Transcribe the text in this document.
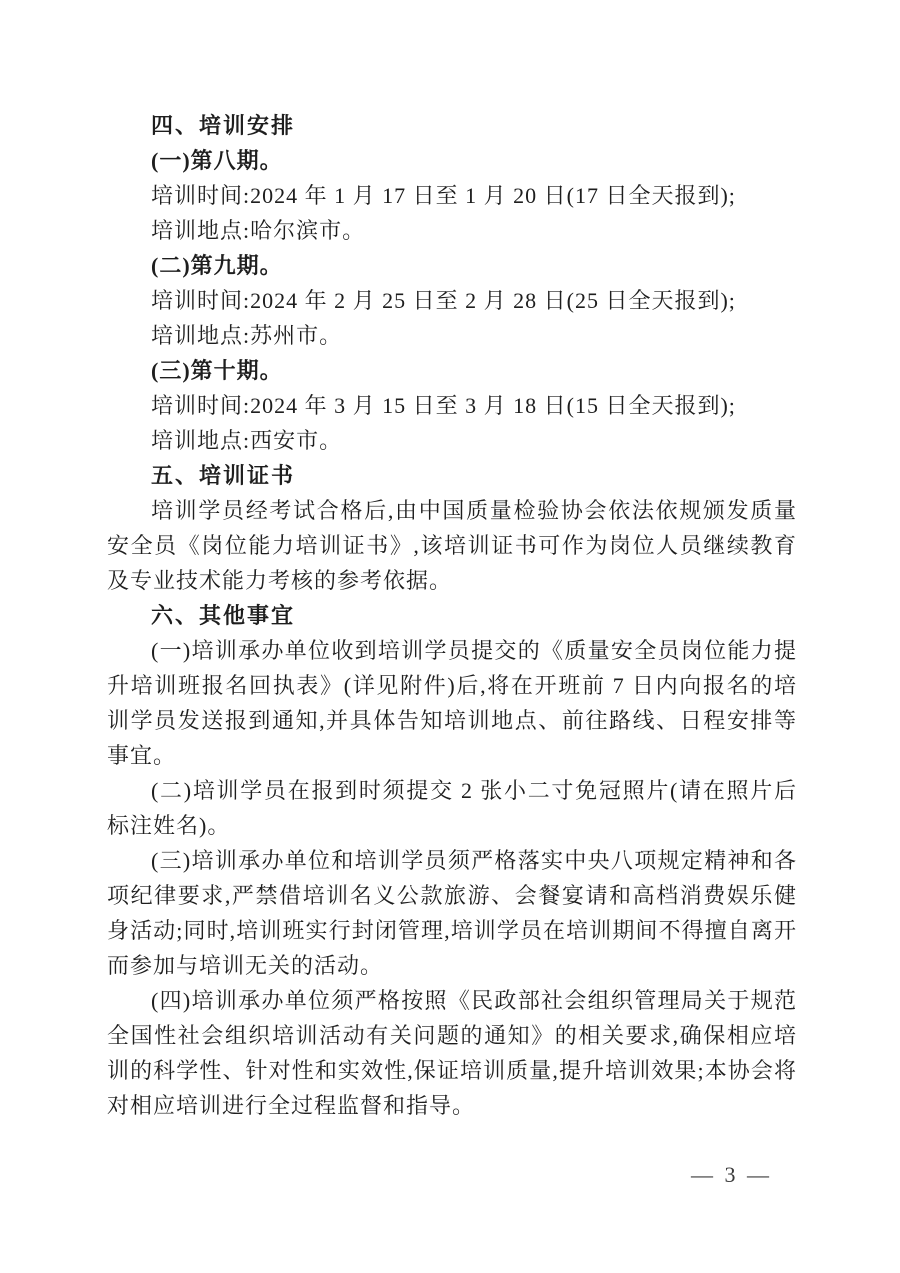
四、培训安排

(一)第八期。

培训时间:2024 年 1 月 17 日至 1 月 20 日(17 日全天报到);

培训地点:哈尔滨市。

(二)第九期。

培训时间:2024 年 2 月 25 日至 2 月 28 日(25 日全天报到);

培训地点:苏州市。

(三)第十期。

培训时间:2024 年 3 月 15 日至 3 月 18 日(15 日全天报到);

培训地点:西安市。

五、培训证书

培训学员经考试合格后,由中国质量检验协会依法依规颁发质量安全员《岗位能力培训证书》,该培训证书可作为岗位人员继续教育及专业技术能力考核的参考依据。

六、其他事宜

(一)培训承办单位收到培训学员提交的《质量安全员岗位能力提升培训班报名回执表》(详见附件)后,将在开班前 7 日内向报名的培训学员发送报到通知,并具体告知培训地点、前往路线、日程安排等事宜。

(二)培训学员在报到时须提交 2 张小二寸免冠照片(请在照片后标注姓名)。

(三)培训承办单位和培训学员须严格落实中央八项规定精神和各项纪律要求,严禁借培训名义公款旅游、会餐宴请和高档消费娱乐健身活动;同时,培训班实行封闭管理,培训学员在培训期间不得擅自离开而参加与培训无关的活动。

(四)培训承办单位须严格按照《民政部社会组织管理局关于规范全国性社会组织培训活动有关问题的通知》的相关要求,确保相应培训的科学性、针对性和实效性,保证培训质量,提升培训效果;本协会将对相应培训进行全过程监督和指导。

— 3 —
